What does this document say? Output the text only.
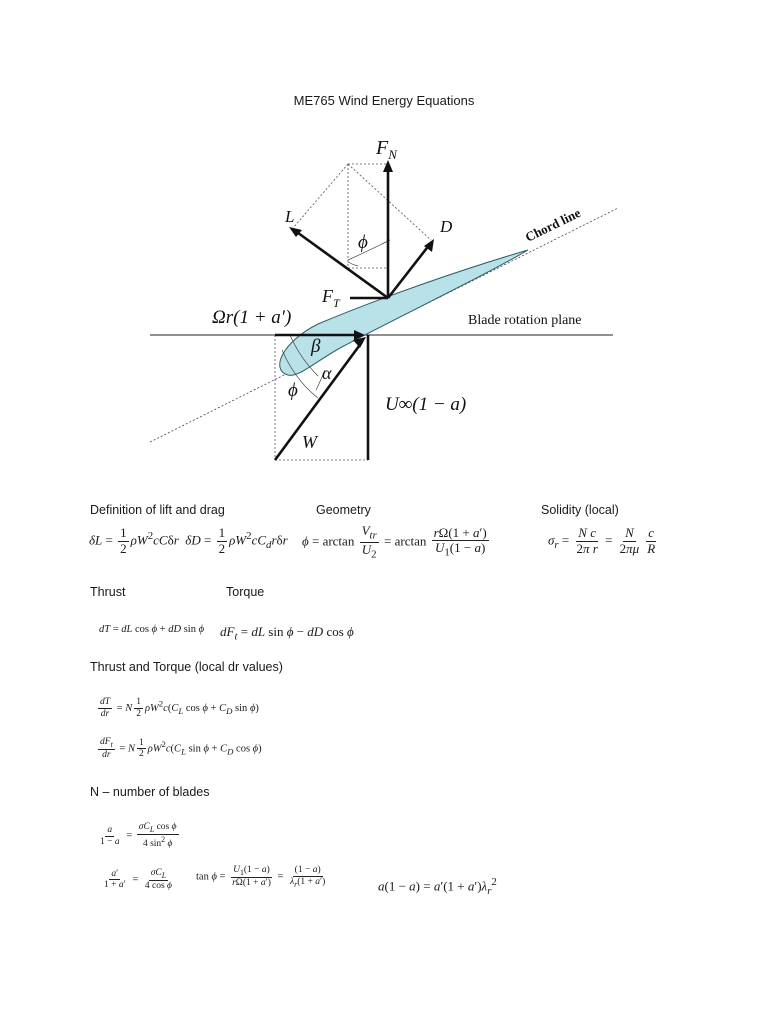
ME765 Wind Energy Equations
$F_N$
L
D
ϕ
$F_T$
Ωr(1 + a′)	Blade rotation plane
Chord line
β
α
ϕ
U∞(1 − a)
W
Definition of lift and drag	Geometry	Solidity (local)
$\delta L = \frac{1}{2} \rho W^2cC\delta r$ $\delta D = \frac{1}{2} \rho W^2cC_dr\delta r$ $\phi = \arctan \frac{V_{tr}}{U_2} = \arctan \frac{r\Omega(1 + a')}{U_1(1 - a)}$	$\sigma_r = \frac{\text{N c}}{\text{2π r}} = \frac{N}{2\pi\mu} \frac{c}{R}$
Thrust	Torque
dT = dL cos ϕ + dD sin ϕ $dF_t$ = dL sin ϕ − dD cos ϕ
Thrust and Torque (local dr values)
$\frac{dT}{dr} = N \frac{1}{2} \rho W^2c(C_L$ $\cos \phi + C_D$ sin ϕ)
$\frac{dF_t}{dr} = N \frac{1}{2} \rho W^2c(C_L$ $\sin \phi + C_D$ cos ϕ)
N – number of blades
$\frac{a}{1 - a} = \frac{\sigma C_L \cos \phi}{4 \sin^2 \phi}$
$\frac{a'}{1 + a'} = \frac{\sigma C_L}{\text{4 cos ϕ}}$ $\tan \phi = \frac{U_1(1 - a)}{r\Omega(1 + a')} = \frac{(1 - a)}{\lambda_r(1 + a')}$	$a(1 - a) = a'(1 + a')\lambda_r^2$
